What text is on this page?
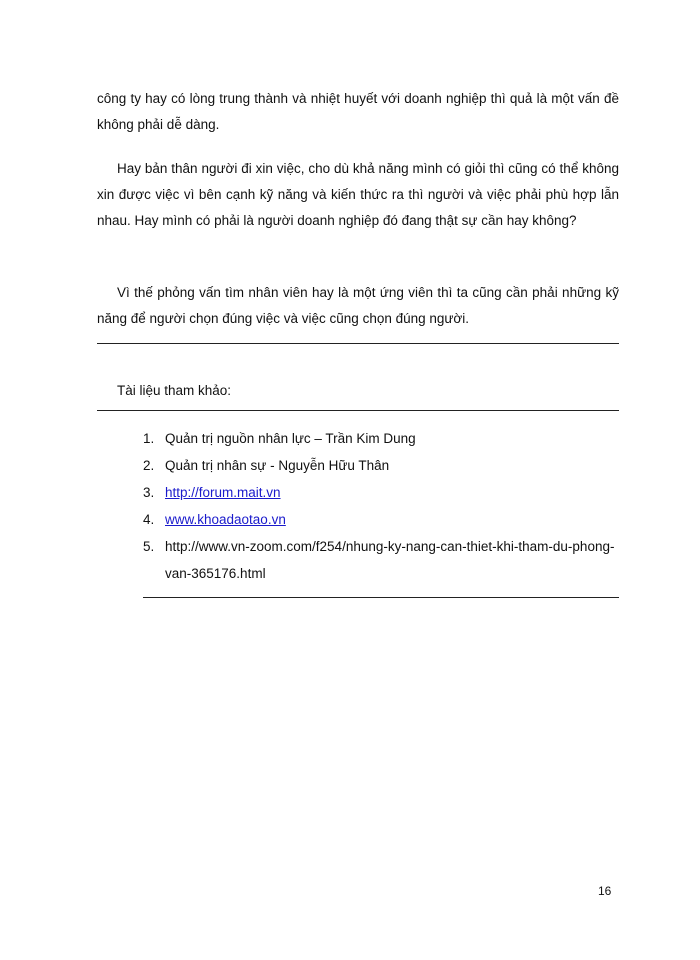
công ty hay có lòng trung thành và nhiệt huyết với doanh nghiệp thì quả là một vấn đề không phải dễ dàng.

Hay bản thân người đi xin việc, cho dù khả năng mình có giỏi thì cũng có thể không xin được việc vì bên cạnh kỹ năng và kiến thức ra thì người và việc phải phù hợp lẫn nhau. Hay mình có phải là người doanh nghiệp đó đang thật sự cần hay không?

Vì thế phỏng vấn tìm nhân viên hay là một ứng viên thì ta cũng cần phải những kỹ năng để người chọn đúng việc và việc cũng chọn đúng người.

Tài liệu tham khảo:

1. Quản trị nguồn nhân lực – Trần Kim Dung
2. Quản trị nhân sự - Nguyễn Hữu Thân
3. http://forum.mait.vn
4. www.khoadaotao.vn
5. http://www.vn-zoom.com/f254/nhung-ky-nang-can-thiet-khi-tham-du-phong-van-365176.html

16
